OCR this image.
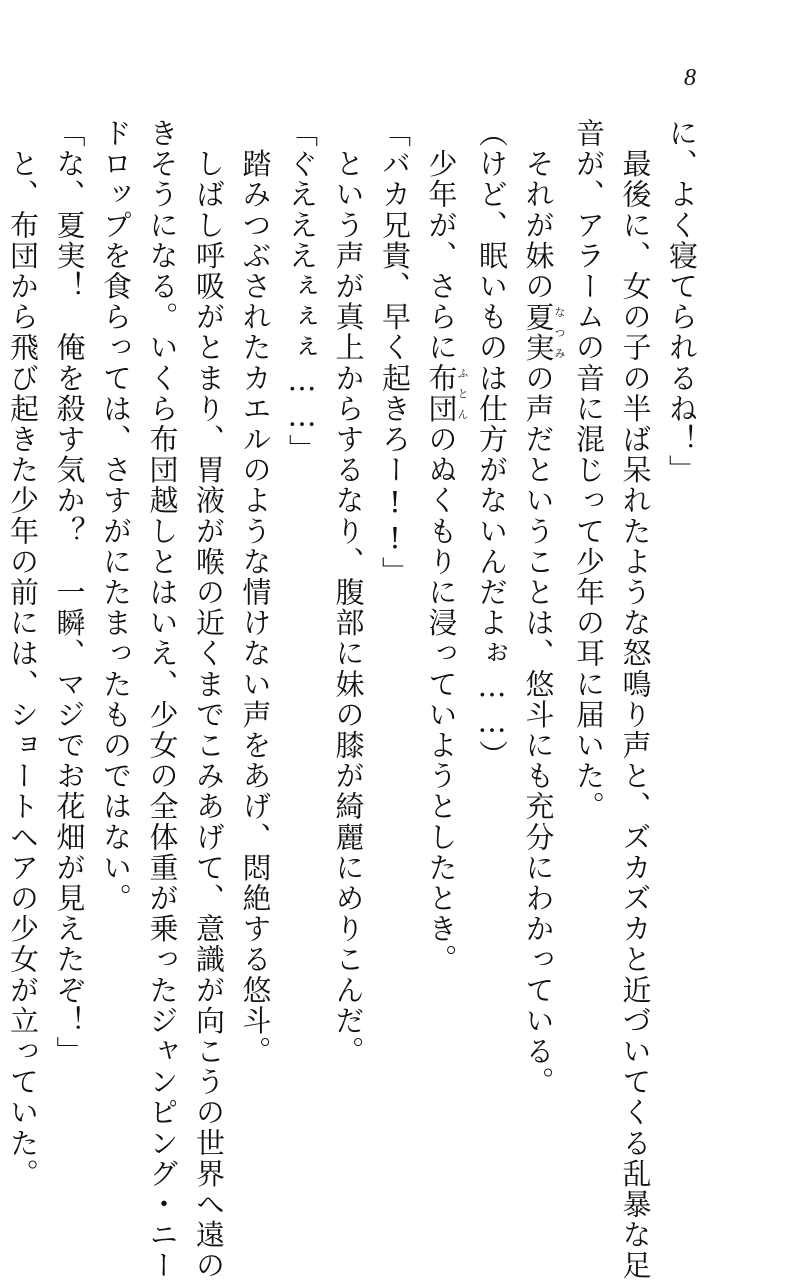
8
に、よく寝てられるね！」
　最後に、女の子の半ば呆れたような怒鳴り声と、ズカズカと近づいてくる乱暴な足
音が、アラームの音に混じって少年の耳に届いた。
　それが妹の夏実なつみの声だということは、悠斗にも充分にわかっている。
（けど、眠いものは仕方がないんだよぉ……）
　少年が、さらに布団ふとんのぬくもりに浸っていようとしたとき。
「バカ兄貴、早く起きろー!!」
　という声が真上からするなり、腹部に妹の膝が綺麗にめりこんだ。
「ぐえええぇぇぇ……」
　踏みつぶされたカエルのような情けない声をあげ、悶絶する悠斗。
　しばし呼吸がとまり、胃液が喉の近くまでこみあげて、意識が向こうの世界へ遠の
きそうになる。いくら布団越しとはいえ、少女の全体重が乗ったジャンピング・ニー
ドロップを食らっては、さすがにたまったものではない。
「な、夏実！　俺を殺す気か？　一瞬、マジでお花畑が見えたぞ！」
　と、布団から飛び起きた少年の前には、ショートヘアの少女が立っていた。
